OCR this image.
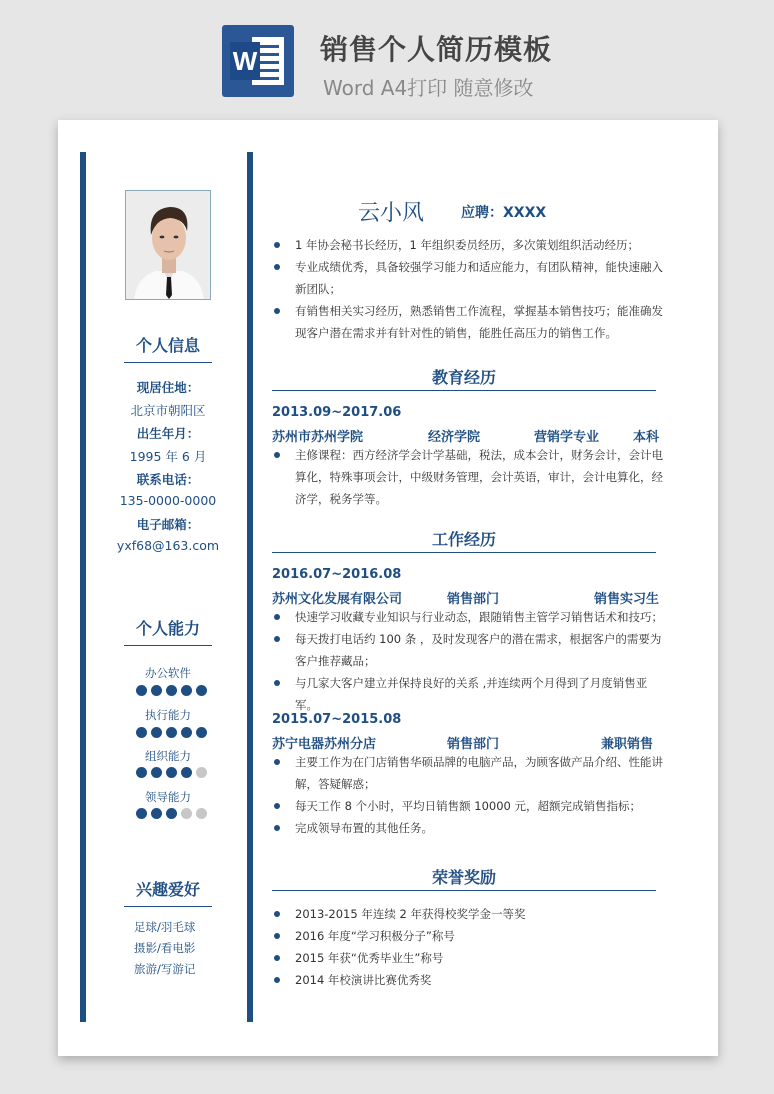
W 销售个人简历模板
Word A4打印 随意修改
个人信息
现居住地：
北京市朝阳区
出生年月：
1995 年 6 月
联系电话：
135-0000-0000
电子邮箱：
yxf68@163.com
个人能力
办公软件
执行能力
组织能力
领导能力
兴趣爱好
足球/羽毛球
摄影/看电影
旅游/写游记
云小风	应聘：XXXX
1 年协会秘书长经历，1 年组织委员经历，多次策划组织活动经历；
专业成绩优秀，具备较强学习能力和适应能力，有团队精神，能快速融入新团队；
有销售相关实习经历，熟悉销售工作流程，掌握基本销售技巧；能准确发现客户潜在需求并有针对性的销售，能胜任高压力的销售工作。
教育经历
2013.09~2017.06
苏州市苏州学院	经济学院	营销学专业	本科
主修课程：西方经济学会计学基础，税法，成本会计，财务会计，会计电算化，特殊事项会计，中级财务管理，会计英语，审计，会计电算化，经济学，税务学等。
工作经历
2016.07~2016.08
苏州文化发展有限公司	销售部门	销售实习生
快速学习收藏专业知识与行业动态，跟随销售主管学习销售话术和技巧；
每天拨打电话约 100 条 ，及时发现客户的潜在需求，根据客户的需要为客户推荐藏品；
与几家大客户建立并保持良好的关系 ,并连续两个月得到了月度销售亚军。
2015.07~2015.08
苏宁电器苏州分店	销售部门	兼职销售
主要工作为在门店销售华硕品牌的电脑产品，为顾客做产品介绍、性能讲解，答疑解惑；
每天工作 8 个小时，平均日销售额 10000 元，超额完成销售指标；
完成领导布置的其他任务。
荣誉奖励
2013-2015 年连续 2 年获得校奖学金一等奖
2016 年度“学习积极分子”称号
2015 年获“优秀毕业生”称号
2014 年校演讲比赛优秀奖
